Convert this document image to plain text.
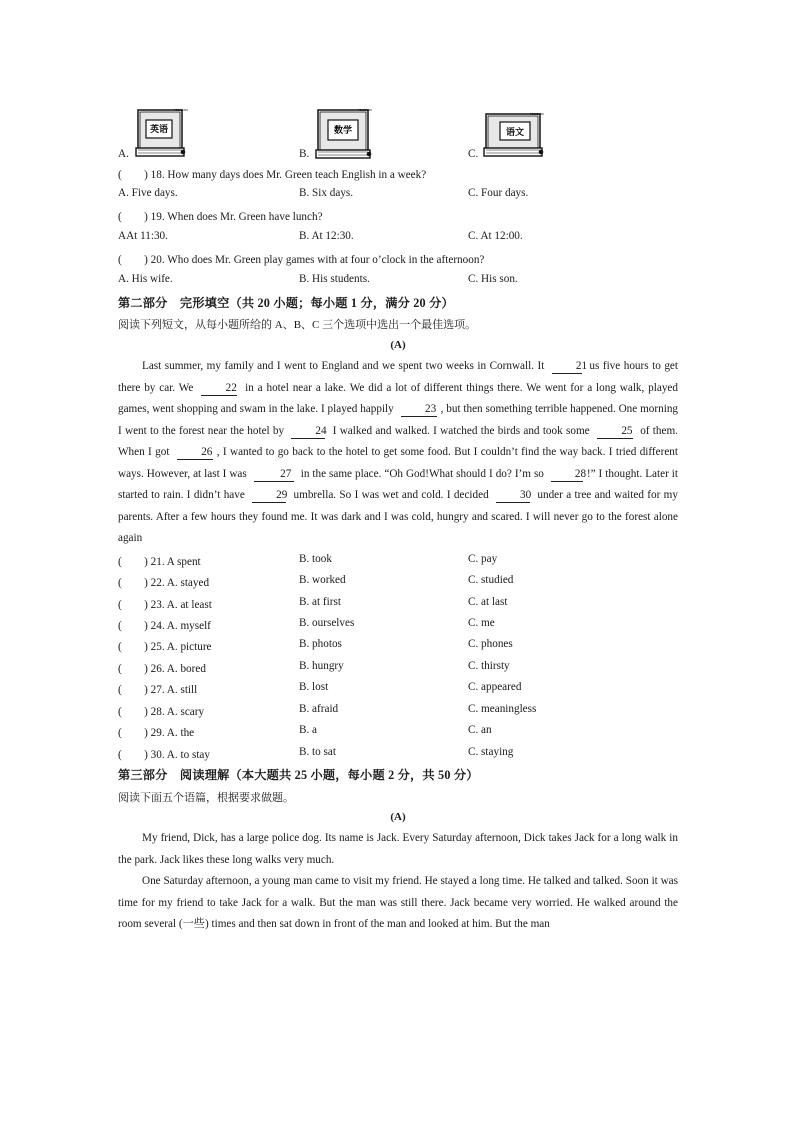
A.
英语
PENGUIN
B.
数学
PENGUIN
C.
语文
PENGUIN
(　　) 18. How many days does Mr. Green teach English in a week?
A. Five days.	B. Six days.	C. Four days.
(　　) 19. When does Mr. Green have lunch?
AAt 11:30.	B. At 12:30.	C. At 12:00.
(　　) 20. Who does Mr. Green play games with at four o’clock in the afternoon?
A. His wife.	B. His students.	C. His son.
第二部分　完形填空（共 20 小题；每小题 1 分，满分 20 分）
阅读下列短文，从每小题所给的 A、B、C 三个选项中选出一个最佳选项。
(A)

Last summer, my family and I went to England and we spent two weeks in Cornwall. It	21 us five hours to get there by car. We	22 in a hotel near a lake. We did a lot of different things there. We went for a long walk, played games, went shopping and swam in the lake. I played happily	23 , but then something terrible happened. One morning I went to the forest near the hotel by	24 I walked and walked. I watched the birds and took some	25 of them. When I got	26 , I wanted to go back to the hotel to get some food. But I couldn’t find the way back. I tried different ways. However, at last I was	27 in the same place. “Oh God!What should I do? I’m so	28!” I thought. Later it started to rain. I didn’t have	29 umbrella. So I was wet and cold. I decided	30 under a tree and waited for my parents. After a few hours they found me. It was dark and I was cold, hungry and scared. I will never go to the forest alone again

(　　) 21. A spent	B. took	C. pay
(　　) 22. A. stayed	B. worked	C. studied
(　　) 23. A. at least	B. at first	C. at last
(　　) 24. A. myself	B. ourselves	C. me
(　　) 25. A. picture	B. photos	C. phones
(　　) 26. A. bored	B. hungry	C. thirsty
(　　) 27. A. still	B. lost	C. appeared
(　　) 28. A. scary	B. afraid	C. meaningless
(　　) 29. A. the	B. a	C. an
(　　) 30. A. to stay	B. to sat	C. staying
第三部分　阅读理解（本大题共 25 小题，每小题 2 分，共 50 分）
阅读下面五个语篇，根据要求做题。
(A)

My friend, Dick, has a large police dog. Its name is Jack. Every Saturday afternoon, Dick takes Jack for a long walk in the park. Jack likes these long walks very much.

One Saturday afternoon, a young man came to visit my friend. He stayed a long time. He talked and talked. Soon it was time for my friend to take Jack for a walk. But the man was still there. Jack became very worried. He walked around the room several (一些) times and then sat down in front of the man and looked at him. But the man
